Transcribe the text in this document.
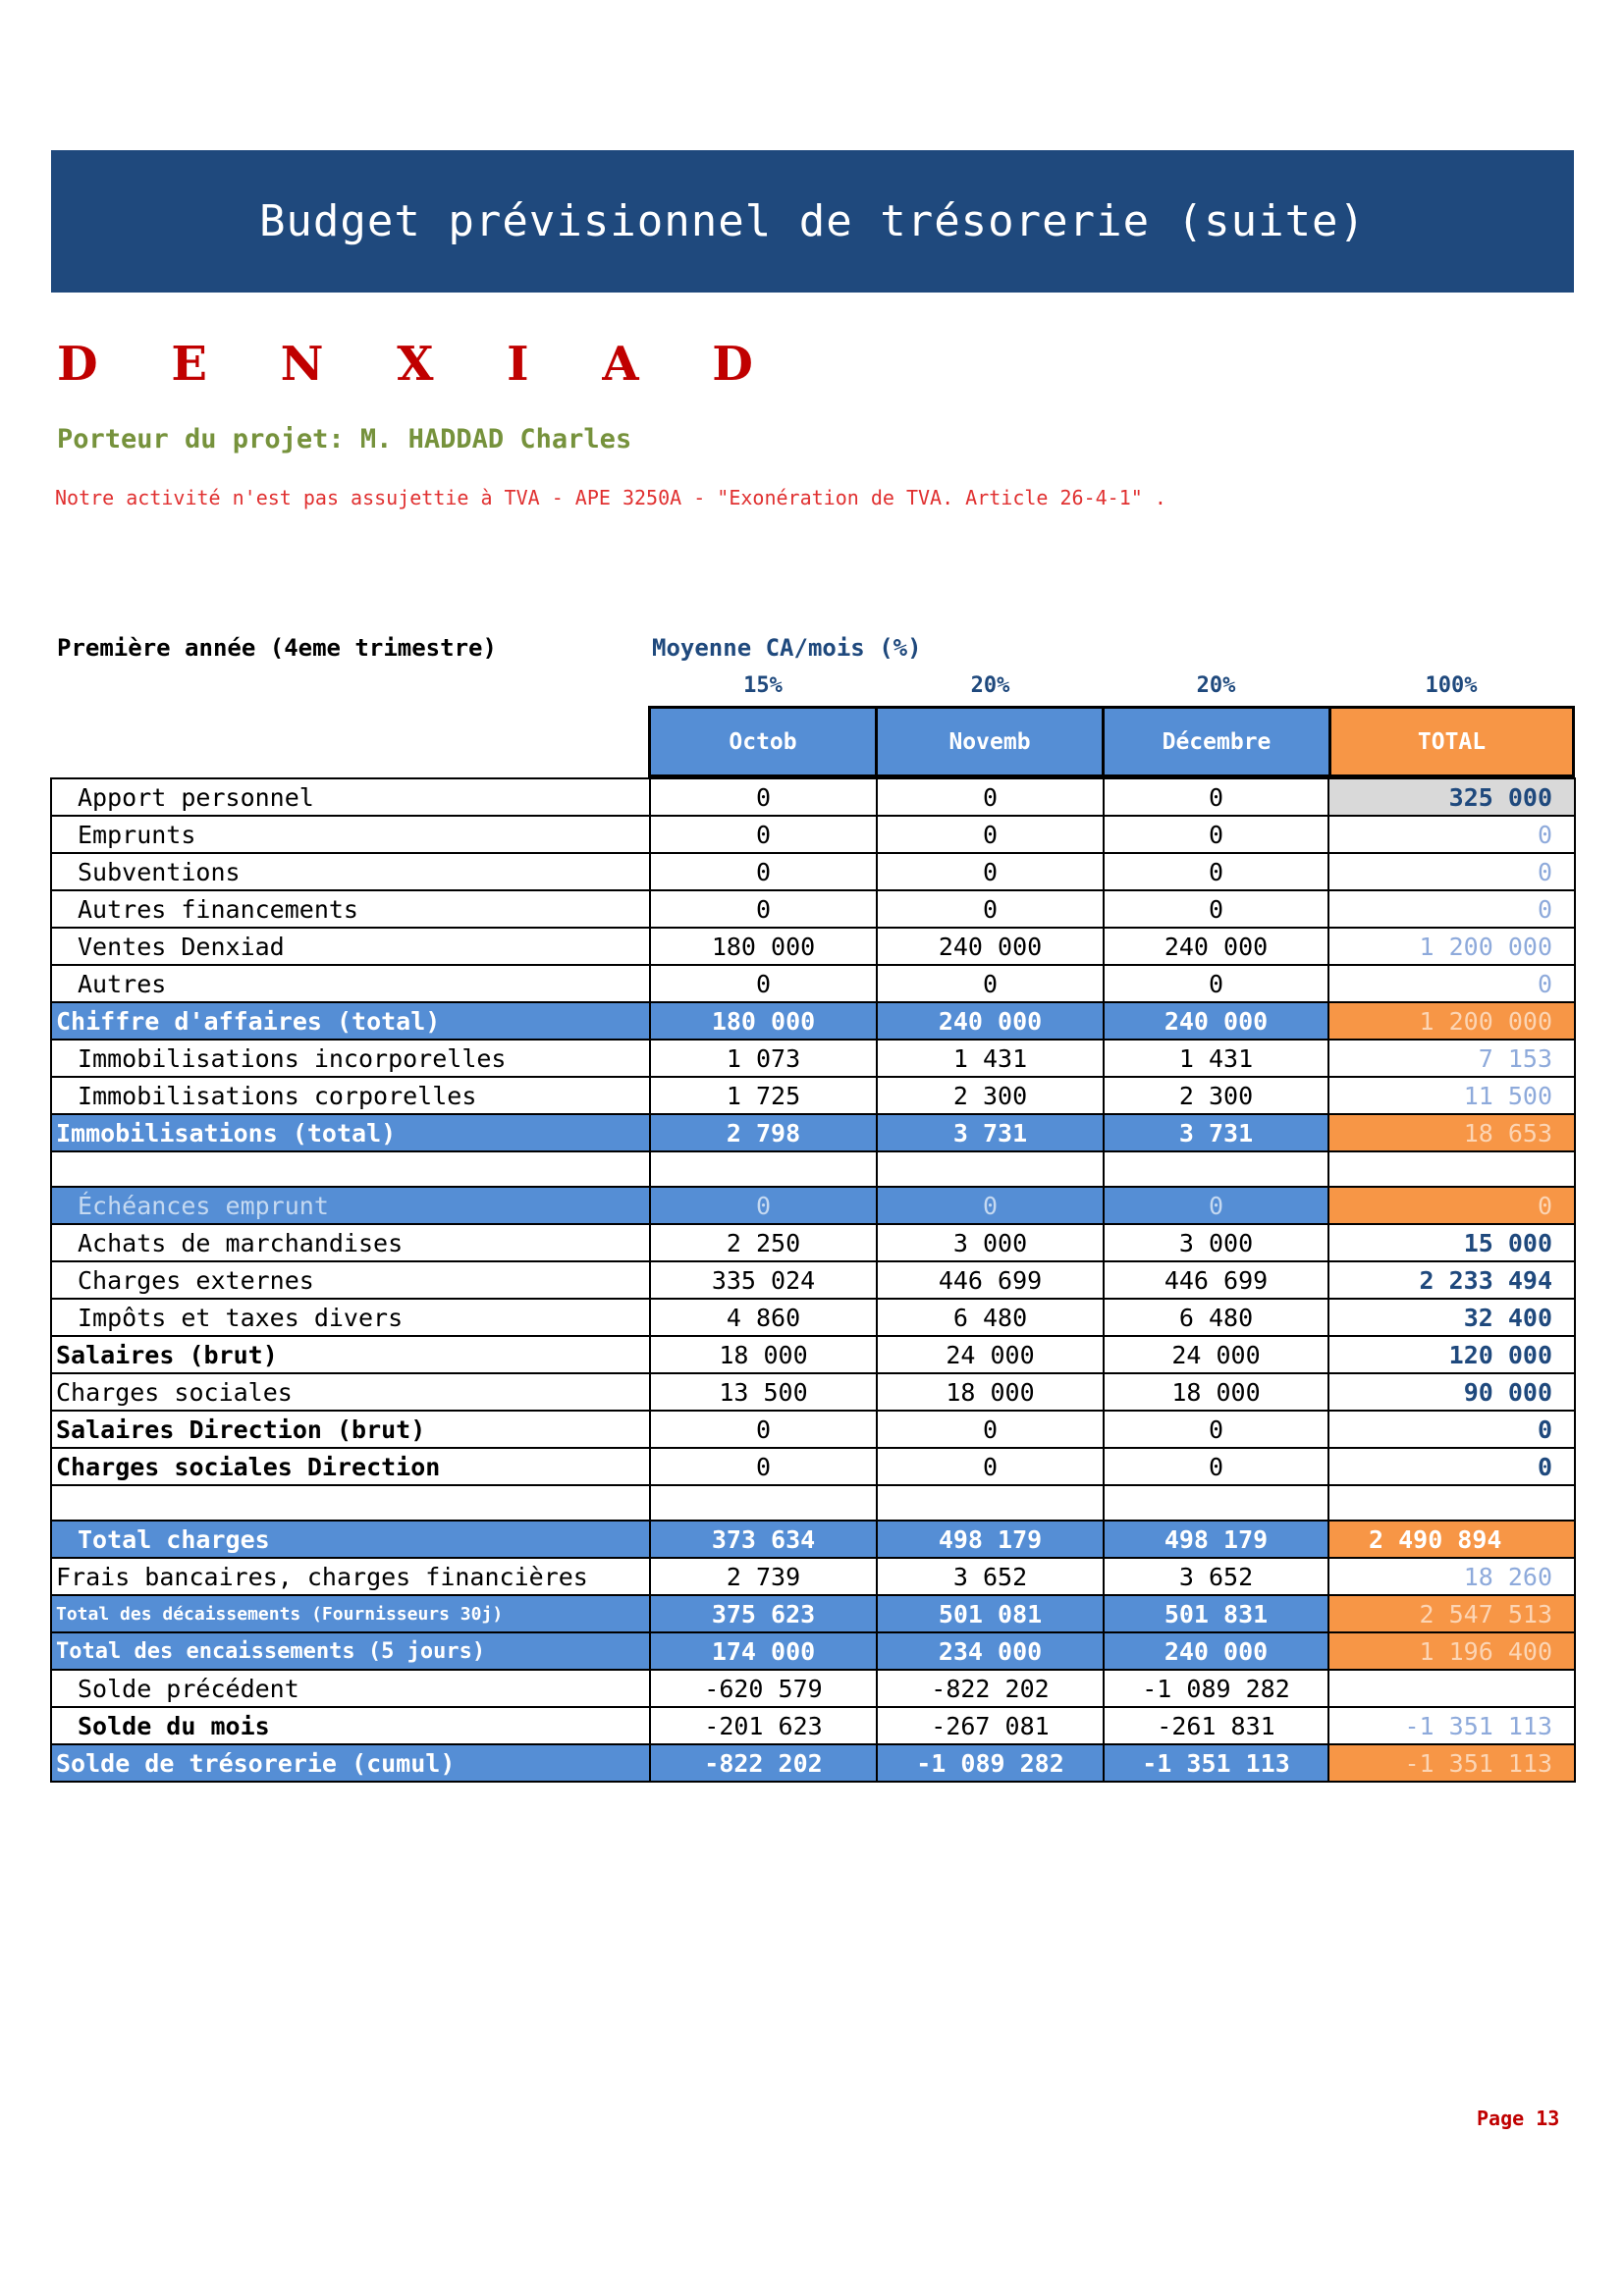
Budget prévisionnel de trésorerie (suite)
D E N X I A D
Porteur du projet: M. HADDAD Charles
Notre activité n'est pas assujettie à TVA - APE 3250A - "Exonération de TVA. Article 26-4-1" .
Première année (4eme trimestre)	Moyenne CA/mois (%)
15%	20%	20%	100%
Octob	Novemb	Décembre	TOTAL
Apport personnel	0	0	0	325 000
Emprunts	0	0	0	0
Subventions	0	0	0	0
Autres financements	0	0	0	0
Ventes Denxiad	180 000	240 000	240 000	1 200 000
Autres	0	0	0	0
Chiffre d'affaires (total)	180 000	240 000	240 000	1 200 000
Immobilisations incorporelles	1 073	1 431	1 431	7 153
Immobilisations corporelles	1 725	2 300	2 300	11 500
Immobilisations (total)	2 798	3 731	3 731	18 653

Échéances emprunt	0	0	0	0
Achats de marchandises	2 250	3 000	3 000	15 000
Charges externes	335 024	446 699	446 699	2 233 494
Impôts et taxes divers	4 860	6 480	6 480	32 400
Salaires (brut)	18 000	24 000	24 000	120 000
Charges sociales	13 500	18 000	18 000	90 000
Salaires Direction (brut)	0	0	0	0
Charges sociales Direction	0	0	0	0

Total charges	373 634	498 179	498 179	2 490 894
Frais bancaires, charges financières	2 739	3 652	3 652	18 260
Total des décaissements (Fournisseurs 30j)	375 623	501 081	501 831	2 547 513
Total des encaissements (5 jours)	174 000	234 000	240 000	1 196 400
Solde précédent	-620 579	-822 202	-1 089 282	
Solde du mois	-201 623	-267 081	-261 831	-1 351 113
Solde de trésorerie (cumul)	-822 202	-1 089 282	-1 351 113	-1 351 113
Page 13
